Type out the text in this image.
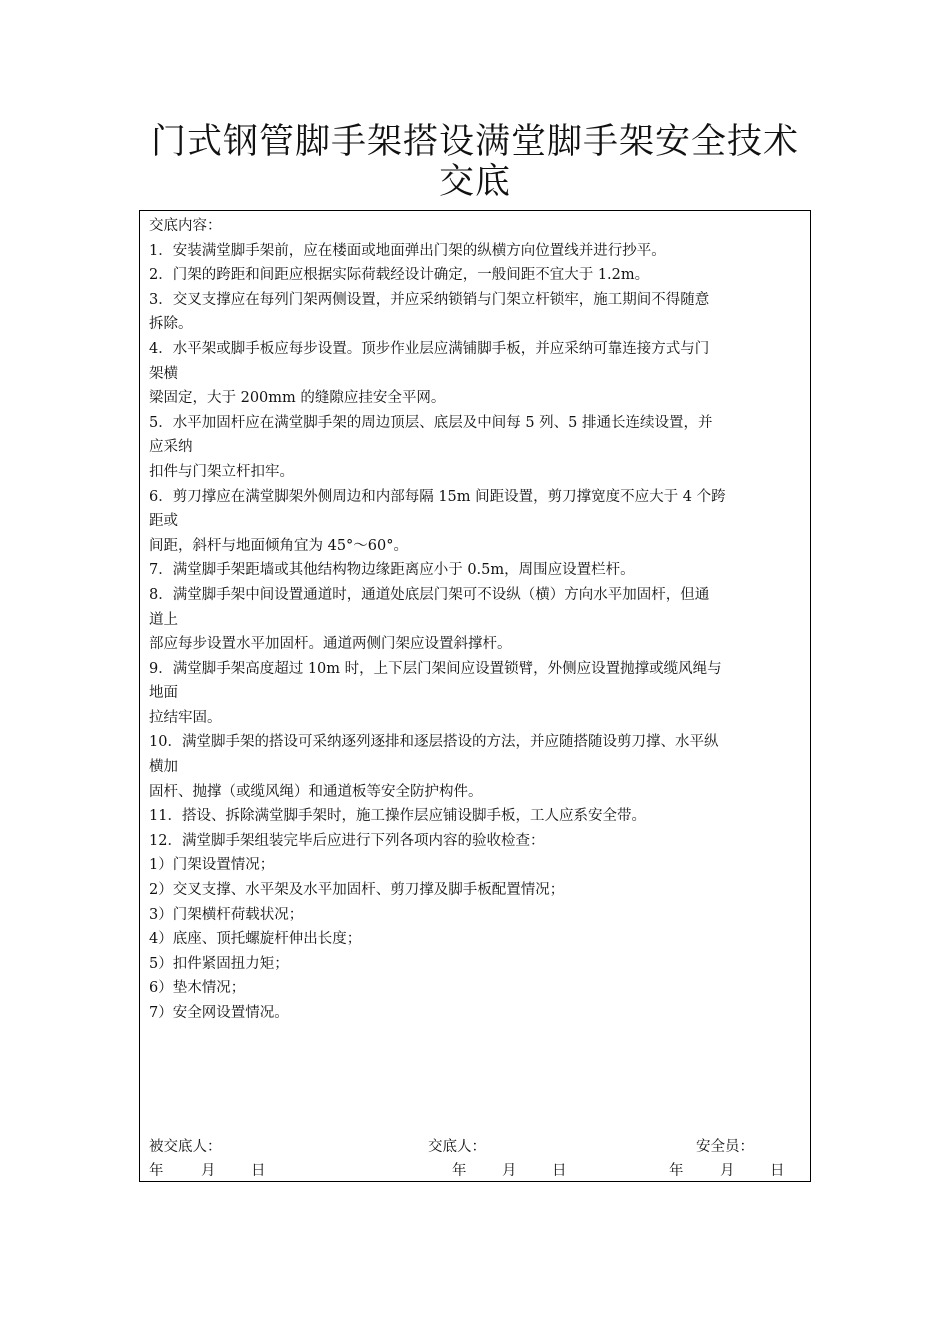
门式钢管脚手架搭设满堂脚手架安全技术
交底
交底内容：
1．安装满堂脚手架前，应在楼面或地面弹出门架的纵横方向位置线并进行抄平。
2．门架的跨距和间距应根据实际荷载经设计确定，一般间距不宜大于 1.2m。
3．交叉支撑应在每列门架两侧设置，并应采纳锁销与门架立杆锁牢，施工期间不得随意
拆除。
4．水平架或脚手板应每步设置。顶步作业层应满铺脚手板，并应采纳可靠连接方式与门
架横
梁固定，大于 200mm 的缝隙应挂安全平网。
5．水平加固杆应在满堂脚手架的周边顶层、底层及中间每 5 列、5 排通长连续设置，并
应采纳
扣件与门架立杆扣牢。
6．剪刀撑应在满堂脚架外侧周边和内部每隔 15m 间距设置，剪刀撑宽度不应大于 4 个跨
距或
间距，斜杆与地面倾角宜为 45°～60°。
7．满堂脚手架距墙或其他结构物边缘距离应小于 0.5m，周围应设置栏杆。
8．满堂脚手架中间设置通道时，通道处底层门架可不设纵（横）方向水平加固杆，但通
道上
部应每步设置水平加固杆。通道两侧门架应设置斜撑杆。
9．满堂脚手架高度超过 10m 时，上下层门架间应设置锁臂，外侧应设置抛撑或缆风绳与
地面
拉结牢固。
10．满堂脚手架的搭设可采纳逐列逐排和逐层搭设的方法，并应随搭随设剪刀撑、水平纵
横加
固杆、抛撑（或缆风绳）和通道板等安全防护构件。
11．搭设、拆除满堂脚手架时，施工操作层应铺设脚手板，工人应系安全带。
12．满堂脚手架组装完毕后应进行下列各项内容的验收检查：
1）门架设置情况；
2）交叉支撑、水平架及水平加固杆、剪刀撑及脚手板配置情况；
3）门架横杆荷载状况；
4）底座、顶托螺旋杆伸出长度；
5）扣件紧固扭力矩；
6）垫木情况；
7）安全网设置情况。
被交底人：	交底人：	安全员：
年	月 日	年 月 日	年	月 日
